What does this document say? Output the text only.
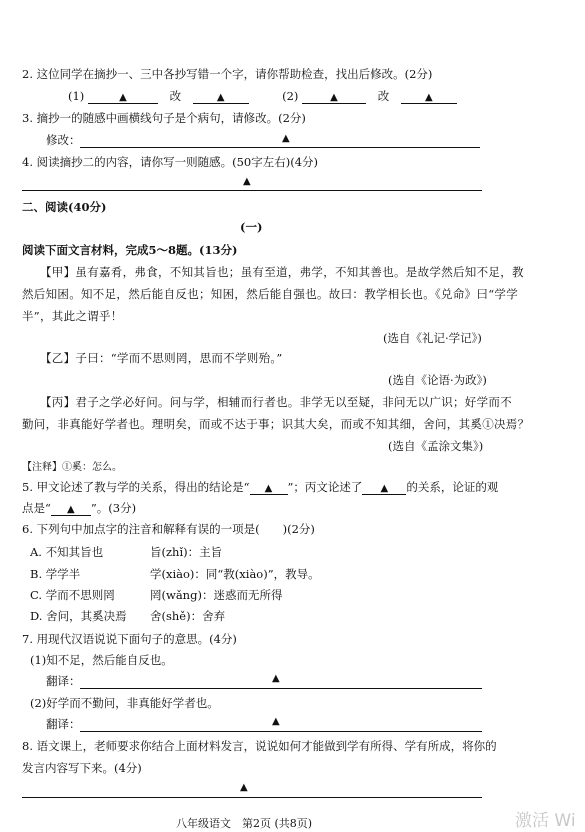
2. 这位同学在摘抄一、三中各抄写错一个字，请你帮助检查，找出后修改。(2分)
(1)	▲	改	▲	(2)	▲	改	▲
3. 摘抄一的随感中画横线句子是个病句，请修改。(2分)
修改：	▲
4. 阅读摘抄二的内容，请你写一则随感。(50字左右)(4分)
▲
二、阅读(40分)
(一)
阅读下面文言材料，完成5～8题。(13分)
【甲】虽有嘉肴，弗食，不知其旨也；虽有至道，弗学，不知其善也。是故学然后知不足，教
然后知困。知不足，然后能自反也；知困，然后能自强也。故曰：教学相长也。《兑命》曰“学学
半”，其此之谓乎！
(选自《礼记·学记》)
【乙】子曰：“学而不思则罔，思而不学则殆。”
(选自《论语·为政》)
【丙】君子之学必好问。问与学，相辅而行者也。非学无以至疑，非问无以广识；好学而不
勤问，非真能好学者也。理明矣，而或不达于事；识其大矣，而或不知其细，舍问，其奚①决焉？
(选自《孟涂文集》)
【注释】①奚：怎么。
5. 甲文论述了教与学的关系，得出的结论是“ ▲ ”；丙文论述了 ▲ 的关系，论证的观
点是“ ▲ ”。(3分)
6. 下列句中加点字的注音和解释有误的一项是(　　)(2分)
A. 不知其旨也	旨(zhǐ)：主旨
B. 学学半	学(xiào)：同“教(xiào)”，教导。
C. 学而不思则罔	罔(wǎng)：迷惑而无所得
D. 舍问，其奚决焉 舍(shě)：舍弃
7. 用现代汉语说说下面句子的意思。(4分)
(1)知不足，然后能自反也。
翻译：	▲
(2)好学而不勤问，非真能好学者也。
翻译：	▲
8. 语文课上，老师要求你结合上面材料发言，说说如何才能做到学有所得、学有所成，将你的
发言内容写下来。(4分)
▲
八年级语文　第2页 (共8页)	激活 Wi
